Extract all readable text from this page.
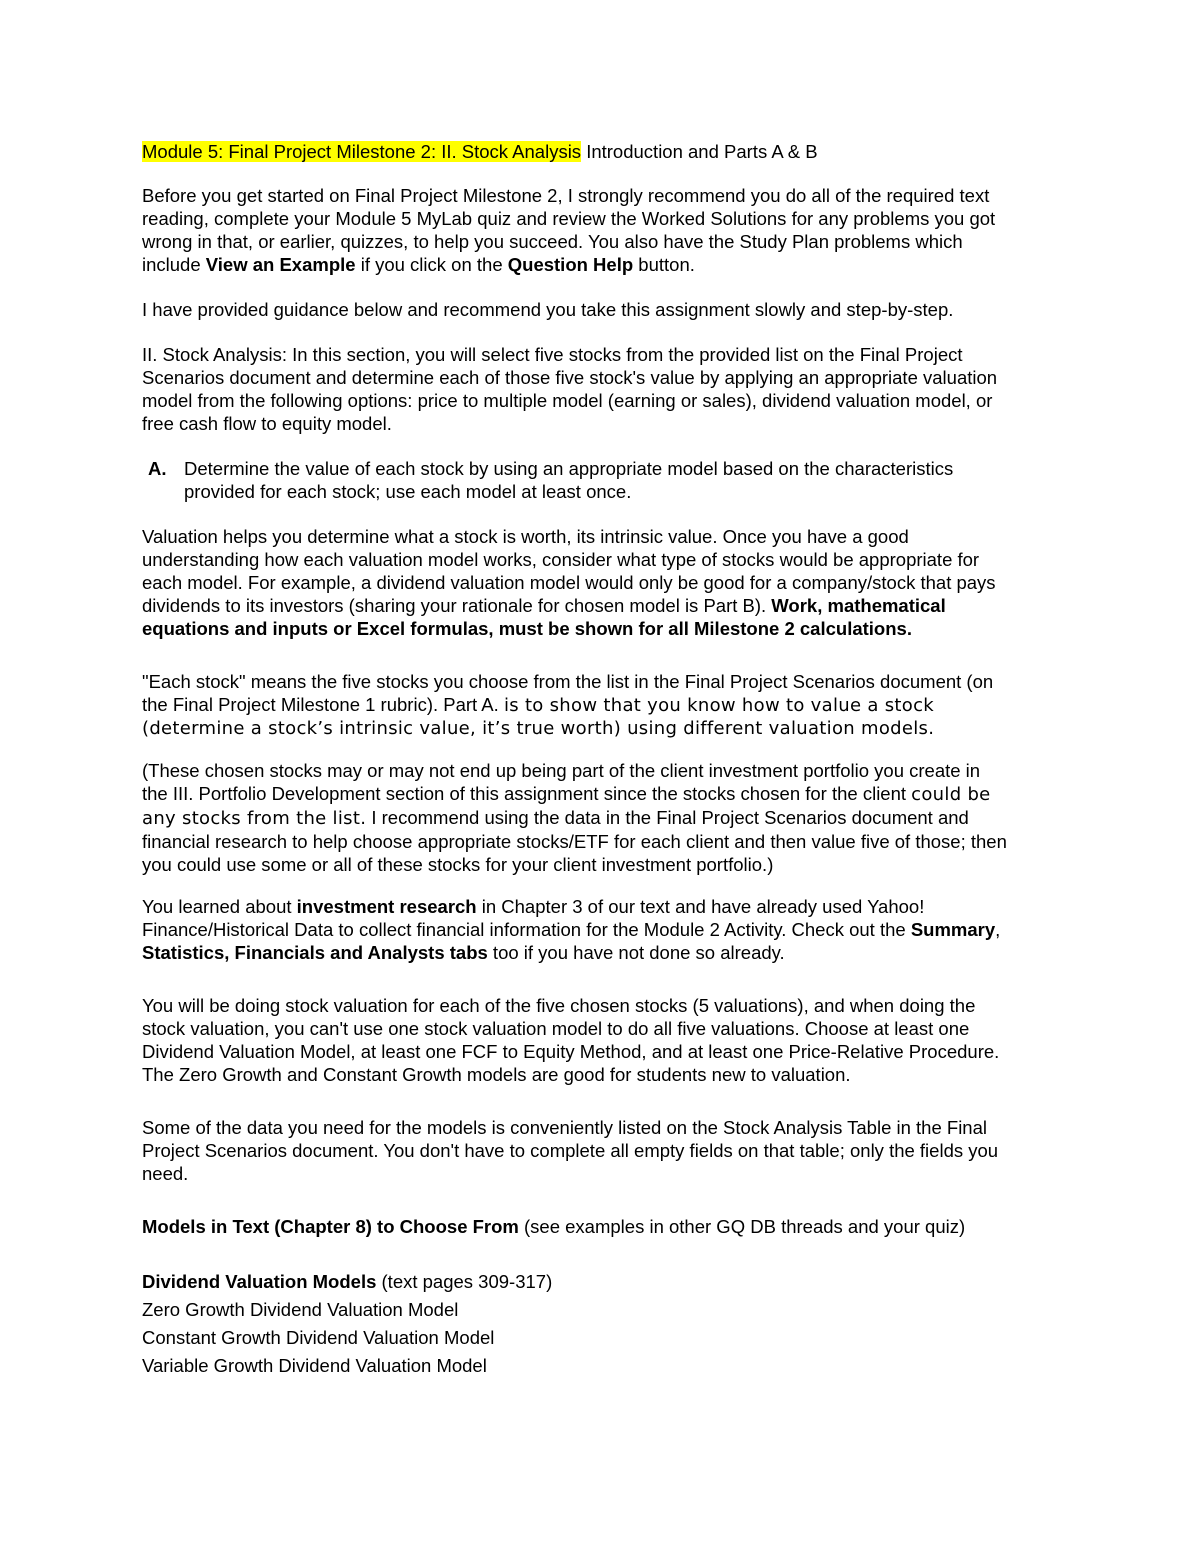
Module 5: Final Project Milestone 2: II. Stock Analysis Introduction and Parts A & B

Before you get started on Final Project Milestone 2, I strongly recommend you do all of the required text
reading, complete your Module 5 MyLab quiz and review the Worked Solutions for any problems you got
wrong in that, or earlier, quizzes, to help you succeed. You also have the Study Plan problems which
include View an Example if you click on the Question Help button.

I have provided guidance below and recommend you take this assignment slowly and step-by-step.

II. Stock Analysis: In this section, you will select five stocks from the provided list on the Final Project
Scenarios document and determine each of those five stock's value by applying an appropriate valuation
model from the following options: price to multiple model (earning or sales), dividend valuation model, or
free cash flow to equity model.

A. Determine the value of each stock by using an appropriate model based on the characteristics
provided for each stock; use each model at least once.

Valuation helps you determine what a stock is worth, its intrinsic value. Once you have a good
understanding how each valuation model works, consider what type of stocks would be appropriate for
each model. For example, a dividend valuation model would only be good for a company/stock that pays
dividends to its investors (sharing your rationale for chosen model is Part B). Work, mathematical
equations and inputs or Excel formulas, must be shown for all Milestone 2 calculations.

"Each stock" means the five stocks you choose from the list in the Final Project Scenarios document (on
the Final Project Milestone 1 rubric). Part A. is to show that you know how to value a stock
(determine a stock’s intrinsic value, it’s true worth) using different valuation models.

(These chosen stocks may or may not end up being part of the client investment portfolio you create in
the III. Portfolio Development section of this assignment since the stocks chosen for the client could be
any stocks from the list. I recommend using the data in the Final Project Scenarios document and
financial research to help choose appropriate stocks/ETF for each client and then value five of those; then
you could use some or all of these stocks for your client investment portfolio.)

You learned about investment research in Chapter 3 of our text and have already used Yahoo!
Finance/Historical Data to collect financial information for the Module 2 Activity. Check out the Summary,
Statistics, Financials and Analysts tabs too if you have not done so already.

You will be doing stock valuation for each of the five chosen stocks (5 valuations), and when doing the
stock valuation, you can't use one stock valuation model to do all five valuations. Choose at least one
Dividend Valuation Model, at least one FCF to Equity Method, and at least one Price-Relative Procedure.
The Zero Growth and Constant Growth models are good for students new to valuation.

Some of the data you need for the models is conveniently listed on the Stock Analysis Table in the Final
Project Scenarios document. You don't have to complete all empty fields on that table; only the fields you
need.

Models in Text (Chapter 8) to Choose From (see examples in other GQ DB threads and your quiz)

Dividend Valuation Models (text pages 309-317)
Zero Growth Dividend Valuation Model
Constant Growth Dividend Valuation Model
Variable Growth Dividend Valuation Model
